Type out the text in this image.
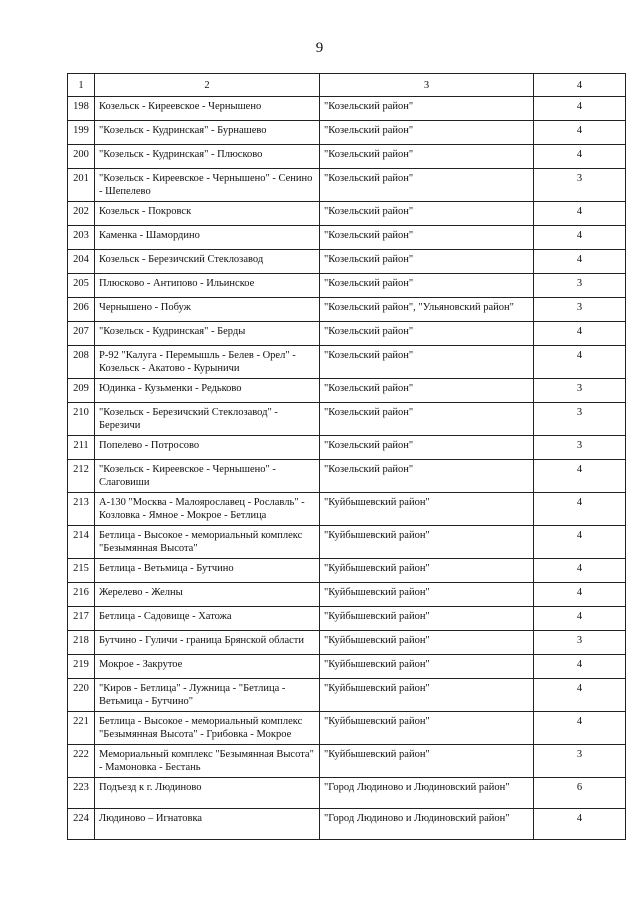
9
1	2	3	4
198	Козельск - Киреевское - Чернышено	"Козельский район"	4
199	"Козельск - Кудринская" - Бурнашево	"Козельский район"	4
200	"Козельск - Кудринская" - Плюсково	"Козельский район"	4
201	"Козельск - Киреевское - Чернышено" - Сенино - Шепелево	"Козельский район"	3
202	Козельск - Покровск	"Козельский район"	4
203	Каменка - Шамордино	"Козельский район"	4
204	Козельск - Березичский Стеклозавод	"Козельский район"	4
205	Плюсково - Антипово - Ильинское	"Козельский район"	3
206	Чернышено - Побуж	"Козельский район", "Ульяновский район"	3
207	"Козельск - Кудринская" - Берды	"Козельский район"	4
208	Р-92 "Калуга - Перемышль - Белев - Орел" - Козельск - Акатово - Курыничи	"Козельский район"	4
209	Юдинка - Кузьменки - Редьково	"Козельский район"	3
210	"Козельск - Березичский Стеклозавод" - Березичи	"Козельский район"	3
211	Попелево - Потросово	"Козельский район"	3
212	"Козельск - Киреевское - Чернышено" - Слаговиши	"Козельский район"	4
213	А-130 "Москва - Малоярославец - Рославль" - Козловка - Ямное - Мокрое - Бетлица	"Куйбышевский район"	4
214	Бетлица - Высокое - мемориальный комплекс "Безымянная Высота"	"Куйбышевский район"	4
215	Бетлица - Ветьмица - Бутчино	"Куйбышевский район"	4
216	Жерелево - Желны	"Куйбышевский район"	4
217	Бетлица - Садовище - Хатожа	"Куйбышевский район"	4
218	Бутчино - Гуличи - граница Брянской области	"Куйбышевский район"	3
219	Мокрое - Закрутое	"Куйбышевский район"	4
220	"Киров - Бетлица" - Лужница - "Бетлица - Ветьмица - Бутчино"	"Куйбышевский район"	4
221	Бетлица - Высокое - мемориальный комплекс "Безымянная Высота" - Грибовка - Мокрое	"Куйбышевский район"	4
222	Мемориальный комплекс "Безымянная Высота" - Мамоновка - Бестань	"Куйбышевский район"	3
223	Подъезд к г. Людиново	"Город Людиново и Людиновский район"	6
224	Людиново – Игнатовка	"Город Людиново и Людиновский район"	4
